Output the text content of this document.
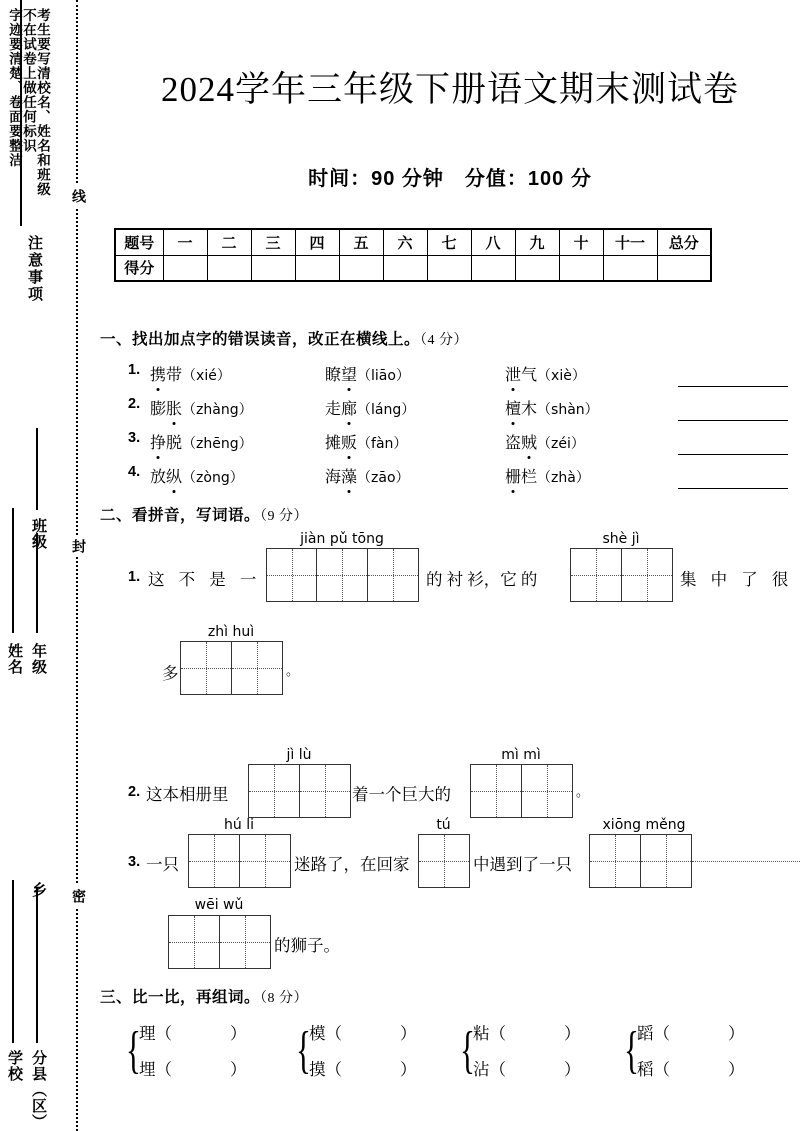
注意事项
考生要写清校名、姓名和班级
不在试卷上做任何标识
字迹要清楚、卷面要整洁
年级
班级
姓名
分县（区）
乡
学校
线
封
密
2024学年三年级下册语文期末测试卷
时间：90 分钟　分值：100 分
题号	一	二	三	四	五	六	七	八	九	十	十一	总分
得分												
一、找出加点字的错误读音，改正在横线上。（4 分）
1. 携带（xié）	瞭望（liāo）	泄气（xiè）
2. 膨胀（zhàng）	走廊（láng）	檀木（shàn）
3. 挣脱（zhēng）	摊贩（fàn）	盗贼（zéi）
4. 放纵（zòng）	海藻（zāo）	栅栏（zhà）
二、看拼音，写词语。（9 分）
1. 这 不 是 一
jiàn pǔ tōng
的 衬 衫，它 的
shè jì
集 中 了 很
多
zhì huì
。
2. 这本相册里
jì lù
着一个巨大的
mì mì
。
3. 一只
hú li
迷路了，在回家
tú
中遇到了一只
xiōng měng
wēi wǔ
的狮子。
三、比一比，再组词。（8 分）
{
理（	）
埋（	） {
模（	）
摸（	） {
粘（	）
沾（	） {
蹈（	）
稻（	）
